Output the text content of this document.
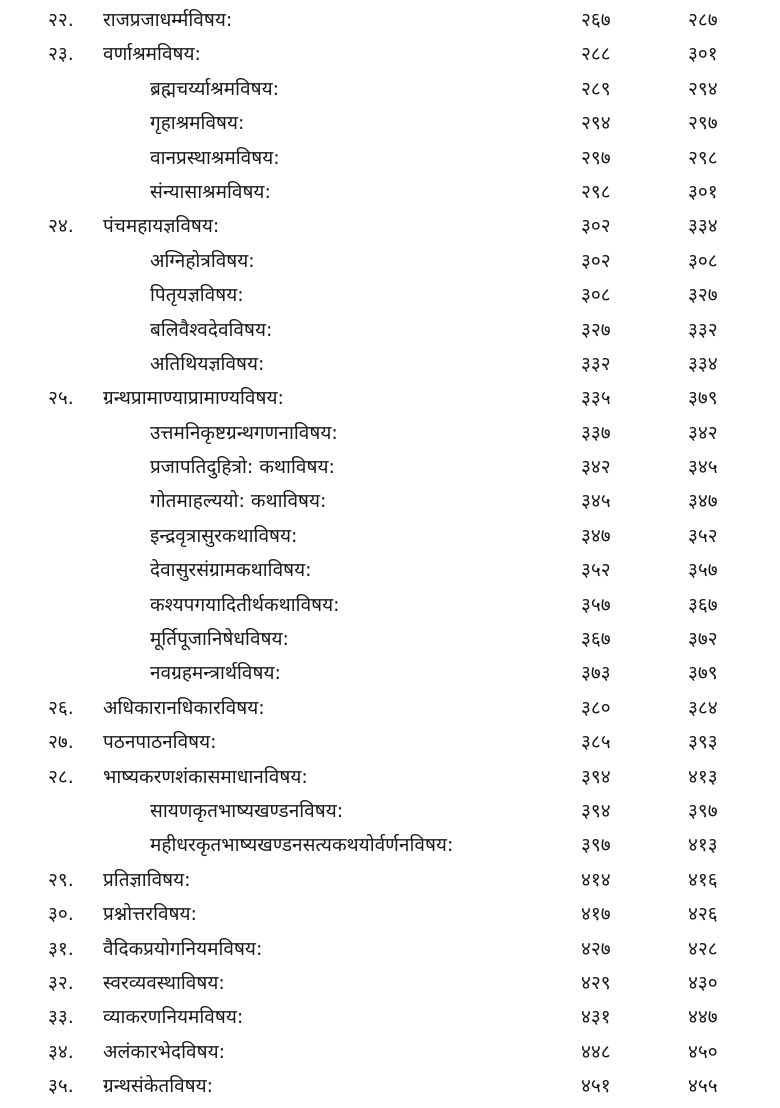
२२. राजप्रजाधर्म्मविषय:	२६७	२८७
२३. वर्णाश्रमविषय:	२८८	३०१
ब्रह्मचर्य्याश्रमविषय:	२८९	२९४
गृहाश्रमविषय:	२९४	२९७
वानप्रस्थाश्रमविषय:	२९७	२९८
संन्यासाश्रमविषय:	२९८	३०१
२४. पंचमहायज्ञविषय:	३०२	३३४
अग्निहोत्रविषय:	३०२	३०८
पितृयज्ञविषय:	३०८	३२७
बलिवैश्वदेवविषय:	३२७	३३२
अतिथियज्ञविषय:	३३२	३३४
२५. ग्रन्थप्रामाण्याप्रामाण्यविषय:	३३५	३७९
उत्तमनिकृष्टग्रन्थगणनाविषय:	३३७	३४२
प्रजापतिदुहित्रो: कथाविषय:	३४२	३४५
गोतमाहल्ययो: कथाविषय:	३४५	३४७
इन्द्रवृत्रासुरकथाविषय:	३४७	३५२
देवासुरसंग्रामकथाविषय:	३५२	३५७
कश्यपगयादितीर्थकथाविषय:	३५७	३६७
मूर्तिपूजानिषेधविषय:	३६७	३७२
नवग्रहमन्त्रार्थविषय:	३७३	३७९
२६. अधिकारानधिकारविषय:	३८०	३८४
२७. पठनपाठनविषय:	३८५	३९३
२८. भाष्यकरणशंकासमाधानविषय:	३९४	४१३
सायणकृतभाष्यखण्डनविषय:	३९४	३९७
महीधरकृतभाष्यखण्डनसत्यकथयोर्वर्णनविषय:	३९७	४१३
२९. प्रतिज्ञाविषय:	४१४	४१६
३०. प्रश्नोत्तरविषय:	४१७	४२६
३१. वैदिकप्रयोगनियमविषय:	४२७	४२८
३२. स्वरव्यवस्थाविषय:	४२९	४३०
३३. व्याकरणनियमविषय:	४३१	४४७
३४. अलंकारभेदविषय:	४४८	४५०
३५. ग्रन्थसंकेतविषय:	४५१	४५५
